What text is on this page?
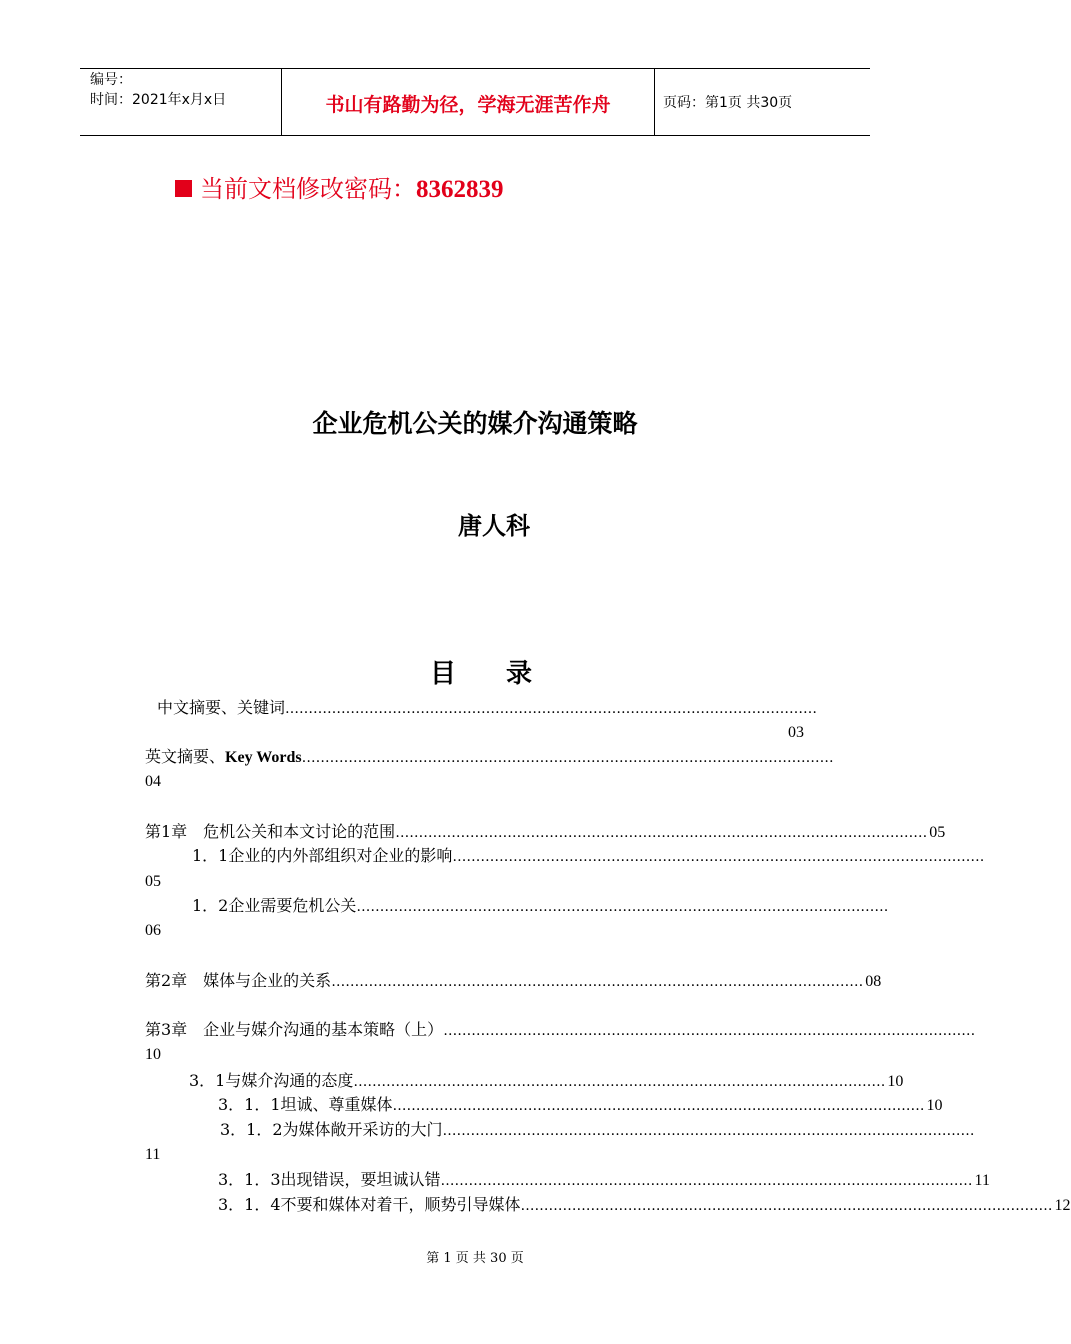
编号：
时间：2021年x月x日	书山有路勤为径，学海无涯苦作舟	页码：第1页 共30页
当前文档修改密码：8362839
企业危机公关的媒介沟通策略
唐人科
目 录
中文摘要、关键词 ……………………………………………………………………………………………………
03
英文摘要、Key Words ……………………………………………………………………………………………………
04
第1章　危机公关和本文讨论的范围 …………………………………………………………………………………………………… 05
1．1企业的内外部组织对企业的影响 ……………………………………………………………………………………………………
05
1．2企业需要危机公关 ……………………………………………………………………………………………………
06
第2章　媒体与企业的关系 …………………………………………………………………………………………………… 08
第3章　企业与媒介沟通的基本策略（上） ……………………………………………………………………………………………………
10
3．1与媒介沟通的态度 …………………………………………………………………………………………………… 10
3．1．1坦诚、尊重媒体 …………………………………………………………………………………………………… 10
3．1．2为媒体敞开采访的大门 ……………………………………………………………………………………………………
11
3．1．3出现错误，要坦诚认错 …………………………………………………………………………………………………… 11
3．1．4不要和媒体对着干，顺势引导媒体 …………………………………………………………………………………………………… 12
第 1 页 共 30 页
